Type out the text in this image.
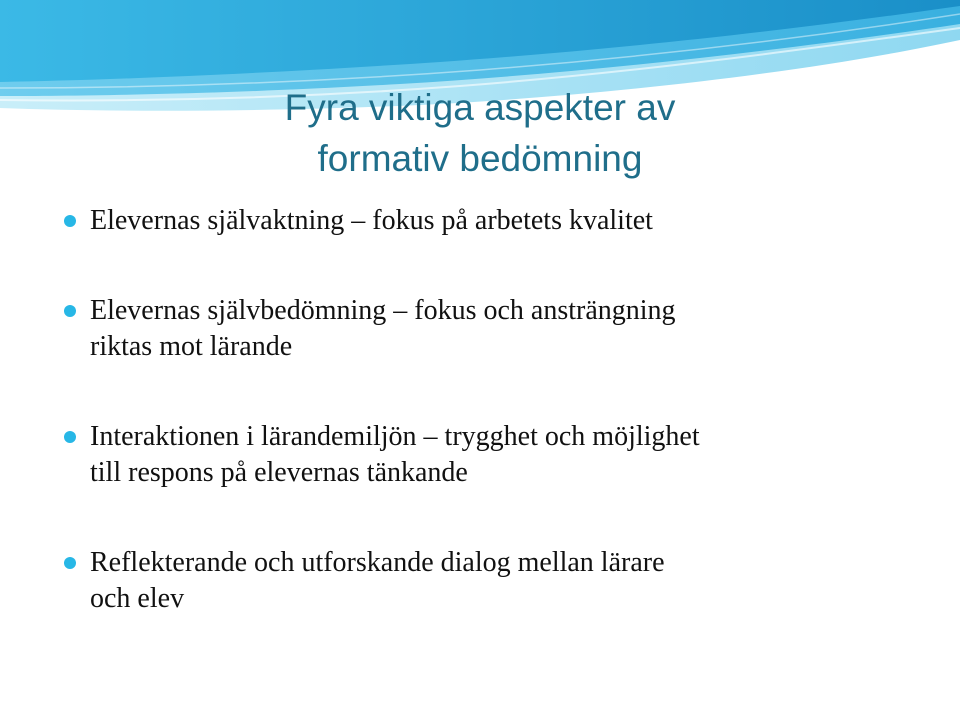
Fyra viktiga aspekter av
formativ bedömning
Elevernas självaktning – fokus på arbetets kvalitet
Elevernas självbedömning – fokus och ansträngning
riktas mot lärande
Interaktionen i lärandemiljön – trygghet och möjlighet
till respons på elevernas tänkande
Reflekterande och utforskande dialog mellan lärare
och elev
